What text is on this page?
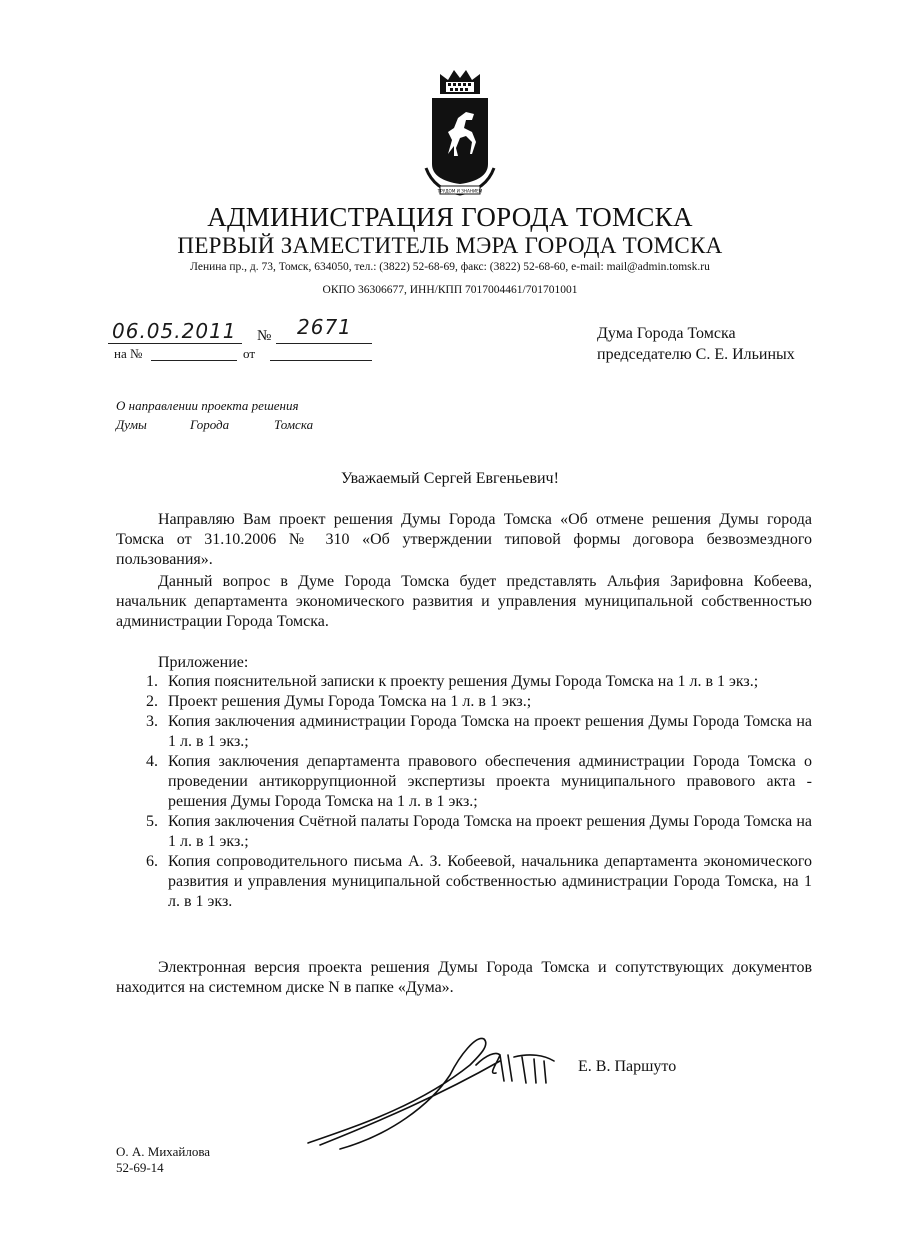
ТРУДОМ И ЗНАНИЕМ
АДМИНИСТРАЦИЯ ГОРОДА ТОМСКА
ПЕРВЫЙ ЗАМЕСТИТЕЛЬ МЭРА ГОРОДА ТОМСКА
Ленина пр., д. 73, Томск, 634050, тел.: (3822) 52-68-69, факс: (3822) 52-68-60, e-mail: mail@admin.tomsk.ru
ОКПО 36306677, ИНН/КПП 7017004461/701701001
06.05.2011 № 2671
на №	от
Дума Города Томска
председателю С. Е. Ильиных
О направлении проекта решения
Думы	Города	Томска
Уважаемый Сергей Евгеньевич!

Направляю Вам проект решения Думы Города Томска «Об отмене решения Думы города Томска от 31.10.2006 № 310 «Об утверждении типовой формы договора безвозмездного пользования».

Данный вопрос в Думе Города Томска будет представлять Альфия Зарифовна Кобеева, начальник департамента экономического развития и управления муниципальной собственностью администрации Города Томска.

Приложение:
1. Копия пояснительной записки к проекту решения Думы Города Томска на 1 л. в 1 экз.;
2. Проект решения Думы Города Томска на 1 л. в 1 экз.;
3. Копия заключения администрации Города Томска на проект решения Думы Города Томска на 1 л. в 1 экз.;
4. Копия заключения департамента правового обеспечения администрации Города Томска о проведении антикоррупционной экспертизы проекта муниципального правового акта - решения Думы Города Томска на 1 л. в 1 экз.;
5. Копия заключения Счётной палаты Города Томска на проект решения Думы Города Томска на 1 л. в 1 экз.;
6. Копия сопроводительного письма А. З. Кобеевой, начальника департамента экономического развития и управления муниципальной собственностью администрации Города Томска, на 1 л. в 1 экз.

Электронная версия проекта решения Думы Города Томска и сопутствующих документов находится на системном диске N в папке «Дума».

Е. В. Паршуто
О. А. Михайлова
52-69-14
